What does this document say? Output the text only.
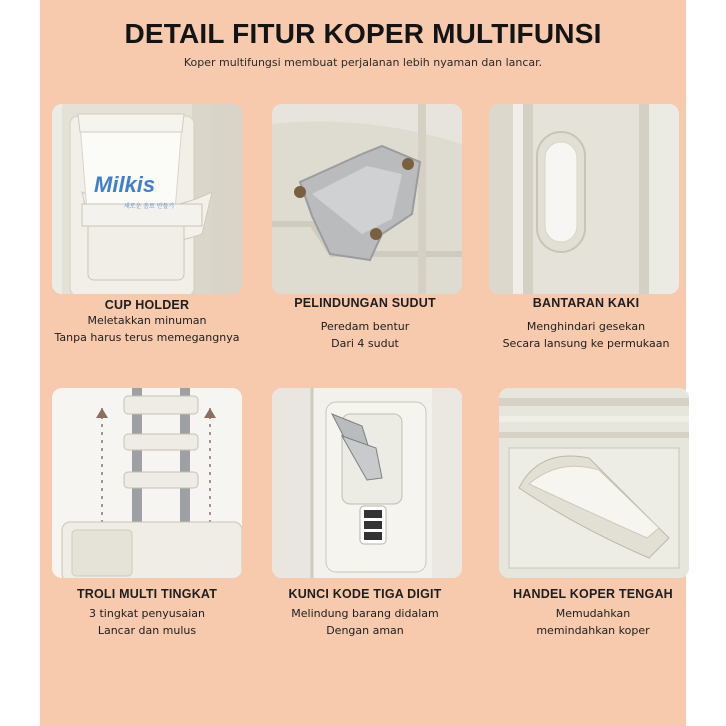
DETAIL FITUR KOPER MULTIFUNSI
Koper multifungsi membuat perjalanan lebih nyaman dan lancar.
Milkis
새로운 음료 만들기
CUP HOLDER
Meletakkan minuman
Tanpa harus terus memegangnya
PELINDUNGAN SUDUT
Peredam bentur
Dari 4 sudut
BANTARAN KAKI
Menghindari gesekan
Secara lansung ke permukaan
TROLI MULTI TINGKAT
3 tingkat penyusaian
Lancar dan mulus
KUNCI KODE TIGA DIGIT
Melindung barang didalam
Dengan aman
HANDEL KOPER TENGAH
Memudahkan
memindahkan koper
